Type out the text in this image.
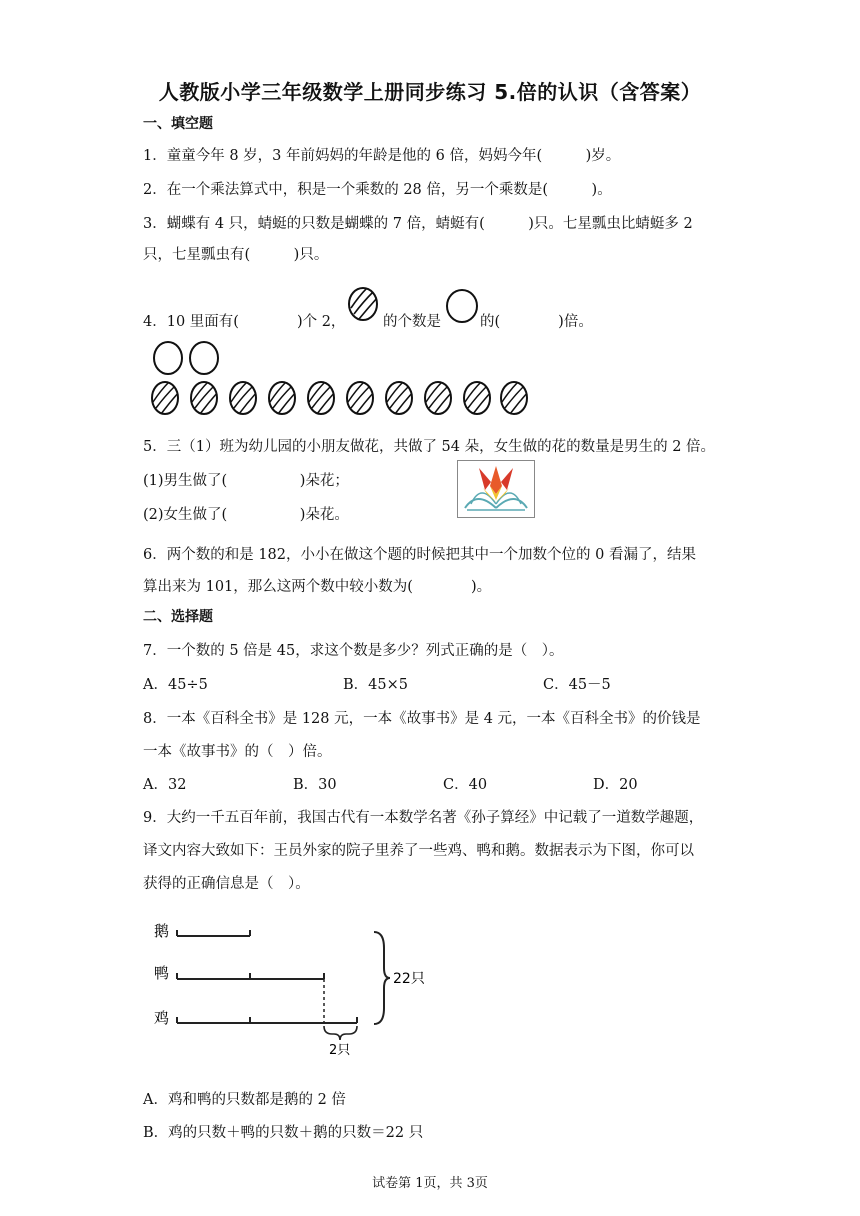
人教版小学三年级数学上册同步练习 5.倍的认识（含答案）
一、填空题
1．童童今年 8 岁，3 年前妈妈的年龄是他的 6 倍，妈妈今年(　　　)岁。
2．在一个乘法算式中，积是一个乘数的 28 倍，另一个乘数是(　　　)。
3．蝴蝶有 4 只，蜻蜓的只数是蝴蝶的 7 倍，蜻蜓有(　　　)只。七星瓢虫比蜻蜓多 2
只，七星瓢虫有(　　　)只。
4．10 里面有(　　　　)个 2，	的个数是	的(　　　　)倍。
5．三（1）班为幼儿园的小朋友做花，共做了 54 朵，女生做的花的数量是男生的 2 倍。
(1)男生做了(　　　　　)朵花；
(2)女生做了(　　　　　)朵花。
6．两个数的和是 182，小小在做这个题的时候把其中一个加数个位的 0 看漏了，结果
算出来为 101，那么这两个数中较小数为(　　　　)。
二、选择题
7．一个数的 5 倍是 45，求这个数是多少？列式正确的是（　）。
A．45÷5	B．45×5	C．45－5
8．一本《百科全书》是 128 元，一本《故事书》是 4 元，一本《百科全书》的价钱是
一本《故事书》的（　）倍。
A．32	B．30	C．40	D．20
9．大约一千五百年前，我国古代有一本数学名著《孙子算经》中记载了一道数学趣题，
译文内容大致如下：王员外家的院子里养了一些鸡、鸭和鹅。数据表示为下图，你可以
获得的正确信息是（　）。
鹅
鸭
鸡
2只
22只
A．鸡和鸭的只数都是鹅的 2 倍
B．鸡的只数＋鸭的只数＋鹅的只数＝22 只
试卷第 1页，共 3页
